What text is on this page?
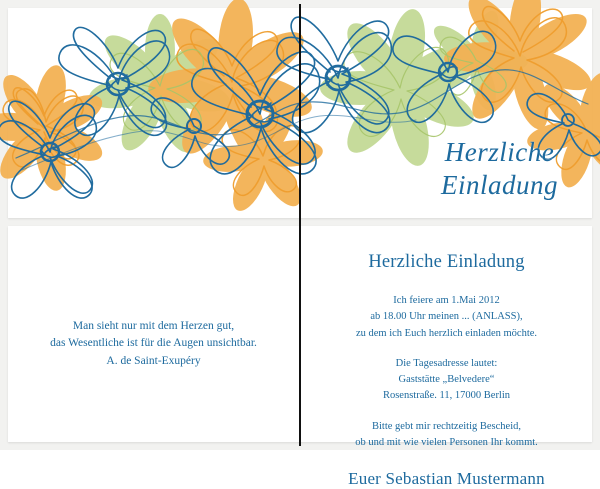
Herzliche
Einladung
Man sieht nur mit dem Herzen gut,
das Wesentliche ist für die Augen unsichtbar.
A. de Saint-Exupéry
Herzliche Einladung
Ich feiere am 1.Mai 2012
ab 18.00 Uhr meinen ... (ANLASS),
zu dem ich Euch herzlich einladen möchte.
Die Tagesadresse lautet:
Gaststätte „Belvedere“
Rosenstraße. 11, 17000 Berlin
Bitte gebt mir rechtzeitig Bescheid,
ob und mit wie vielen Personen Ihr kommt.
Euer Sebastian Mustermann
